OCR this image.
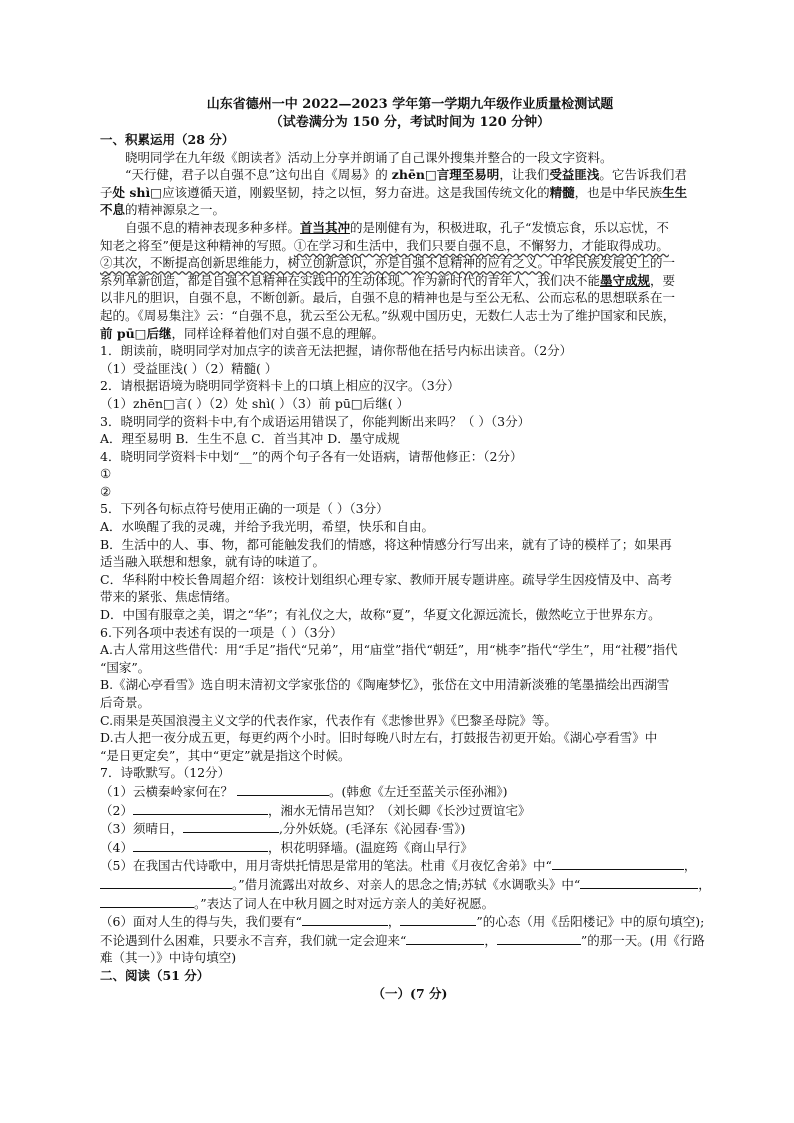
山东省德州一中 2022—2023 学年第一学期九年级作业质量检测试题
（试卷满分为 150 分，考试时间为 120 分钟）
一、积累运用（28 分）
晓明同学在九年级《朗读者》活动上分享并朗诵了自己课外搜集并整合的一段文字资料。
“天行健，君子以自强不息”这句出自《周易》的 zhēn□言理至易明，让我们受益匪浅。它告诉我们君
子处 shì□应该遵循天道，刚毅坚韧，持之以恒，努力奋进。这是我国传统文化的精髓，也是中华民族生生
不息的精神源泉之一。
自强不息的精神表现多种多样。首当其冲的是刚健有为，积极进取，孔子“发愤忘食，乐以忘忧，不
知老之将至”便是这种精神的写照。①在学习和生活中，我们只要自强不息，不懈努力，才能取得成功。
②其次，不断提高创新思维能力，树立创新意识，亦是自强不息精神的应有之义。中华民族发展史上的一
系列革新创造，都是自强不息精神在实践中的生动体现。作为新时代的青年人，我们决不能墨守成规，要
以非凡的胆识，自强不息，不断创新。最后，自强不息的精神也是与至公无私、公而忘私的思想联系在一
起的。《周易集注》云：“自强不息，犹云至公无私。”纵观中国历史，无数仁人志士为了维护国家和民族，
前 pū□后继，同样诠释着他们对自强不息的理解。
1．朗读前，晓明同学对加点字的读音无法把握，请你帮他在括号内标出读音。（2分）
（1）受益匪浅( ）（2）精髓( ）
2．请根据语境为晓明同学资料卡上的口填上相应的汉字。（3分）
（1）zhēn□言( ）（2）处 shì( ）（3）前 pū□后继( ）
3．晓明同学的资料卡中,有个成语运用错误了，你能判断出来吗？（ ）（3分）
A．理至易明 B．生生不息 C．首当其冲 D．墨守成规
4．晓明同学资料卡中划“__”的两个句子各有一处语病，请帮他修正：（2分）
①
②
5．下列各句标点符号使用正确的一项是（ ）（3分）
A．水唤醒了我的灵魂，并给予我光明，希望，快乐和自由。
B．生活中的人、事、物，都可能触发我们的情感，将这种情感分行写出来，就有了诗的模样了；如果再
适当融入联想和想象，就有诗的味道了。
C．华科附中校长鲁周超介绍：该校计划组织心理专家、教师开展专题讲座。疏导学生因疫情及中、高考
带来的紧张、焦虑情绪。
D．中国有服章之美，谓之“华”；有礼仪之大，故称“夏”，华夏文化源远流长，傲然屹立于世界东方。
6.下列各项中表述有误的一项是（ ）（3分）
A.古人常用这些借代：用“手足”指代“兄弟”，用“庙堂”指代“朝廷”，用“桃李”指代“学生”，用“社稷”指代
“国家”。
B.《湖心亭看雪》选自明末清初文学家张岱的《陶庵梦忆》，张岱在文中用清新淡雅的笔墨描绘出西湖雪
后奇景。
C.雨果是英国浪漫主义文学的代表作家，代表作有《悲惨世界》《巴黎圣母院》等。
D.古人把一夜分成五更，每更约两个小时。旧时每晚八时左右，打鼓报告初更开始。《湖心亭看雪》中
“是日更定矣”，其中“更定”就是指这个时候。
7．诗歌默写。（12分）
（1）云横秦岭家何在？	。(韩愈《左迁至蓝关示侄孙湘》)
（2）	，湘水无情吊岂知？（刘长卿《长沙过贾谊宅》
（3）须晴日，	,分外妖娆。(毛泽东《沁园春·雪》)
（4）	，枳花明驿墙。(温庭筠《商山早行》
（5）在我国古代诗歌中，用月寄烘托情思是常用的笔法。杜甫《月夜忆舍弟》中“	，
。”借月流露出对故乡、对亲人的思念之情;苏轼《水调歌头》中“	，
。”表达了词人在中秋月圆之时对远方亲人的美好祝愿。
（6）面对人生的得与失，我们要有“	，	”的心态（用《岳阳楼记》中的原句填空);
不论遇到什么困难，只要永不言弃，我们就一定会迎来“	，	”的那一天。(用《行路
难（其一）》中诗句填空)
二、阅读（51 分）
（一）(7 分)
